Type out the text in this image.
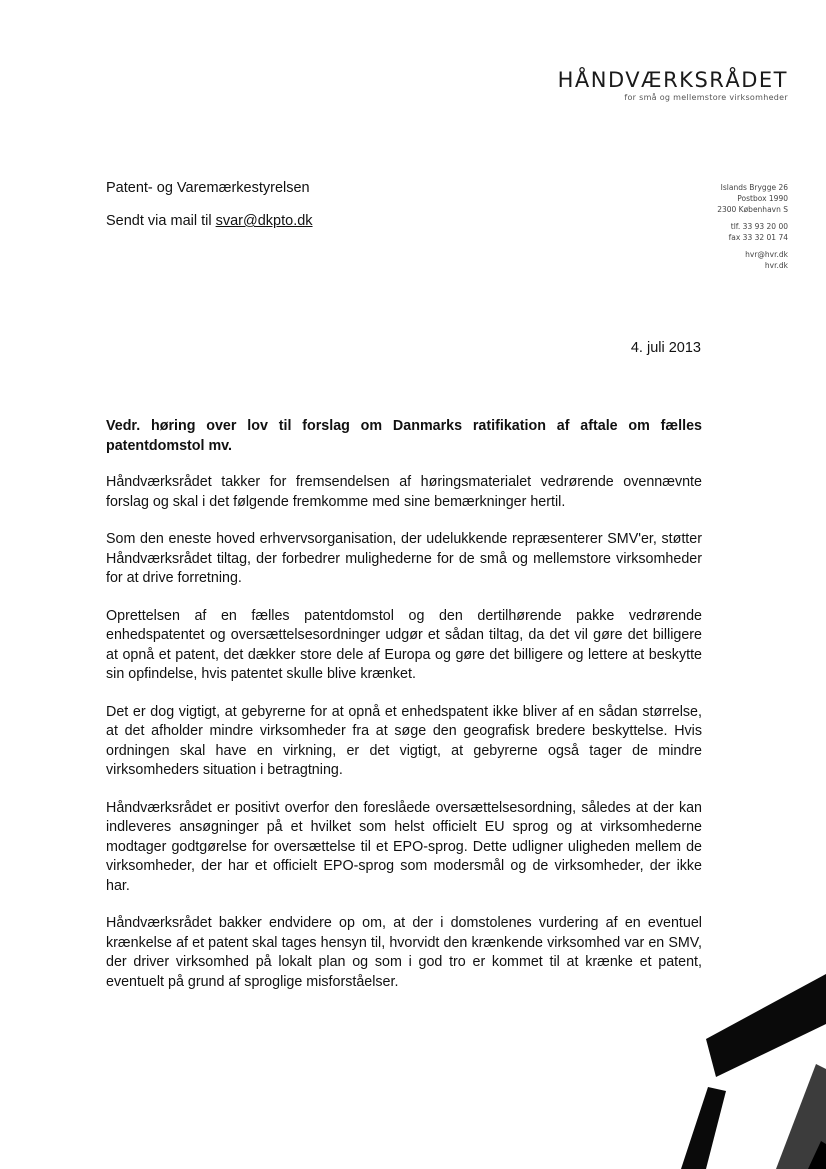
HÅNDVÆRKSRÅDET
for små og mellemstore virksomheder
Patent- og Varemærkestyrelsen
Sendt via mail til svar@dkpto.dk
Islands Brygge 26
Postbox 1990
2300 København S
tlf. 33 93 20 00
fax 33 32 01 74
hvr@hvr.dk
hvr.dk
4. juli 2013

Vedr. høring over lov til forslag om Danmarks ratifikation af aftale om fælles patentdomstol mv.

Håndværksrådet takker for fremsendelsen af høringsmaterialet vedrørende ovennævnte forslag og skal i det følgende fremkomme med sine bemærkninger hertil.

Som den eneste hoved erhvervsorganisation, der udelukkende repræsenterer SMV'er, støtter Håndværksrådet tiltag, der forbedrer mulighederne for de små og mellemstore virksomheder for at drive forretning.

Oprettelsen af en fælles patentdomstol og den dertilhørende pakke vedrørende enhedspatentet og oversættelsesordninger udgør et sådan tiltag, da det vil gøre det billigere at opnå et patent, det dækker store dele af Europa og gøre det billigere og lettere at beskytte sin opfindelse, hvis patentet skulle blive krænket.

Det er dog vigtigt, at gebyrerne for at opnå et enhedspatent ikke bliver af en sådan størrelse, at det afholder mindre virksomheder fra at søge den geografisk bredere beskyttelse. Hvis ordningen skal have en virkning, er det vigtigt, at gebyrerne også tager de mindre virksomheders situation i betragtning.

Håndværksrådet er positivt overfor den foreslåede oversættelsesordning, således at der kan indleveres ansøgninger på et hvilket som helst officielt EU sprog og at virksomhederne modtager godtgørelse for oversættelse til et EPO-sprog. Dette udligner uligheden mellem de virksomheder, der har et officielt EPO-sprog som modersmål og de virksomheder, der ikke har.

Håndværksrådet bakker endvidere op om, at der i domstolenes vurdering af en eventuel krænkelse af et patent skal tages hensyn til, hvorvidt den krænkende virksomhed var en SMV, der driver virksomhed på lokalt plan og som i god tro er kommet til at krænke et patent, eventuelt på grund af sproglige misforståelser.
